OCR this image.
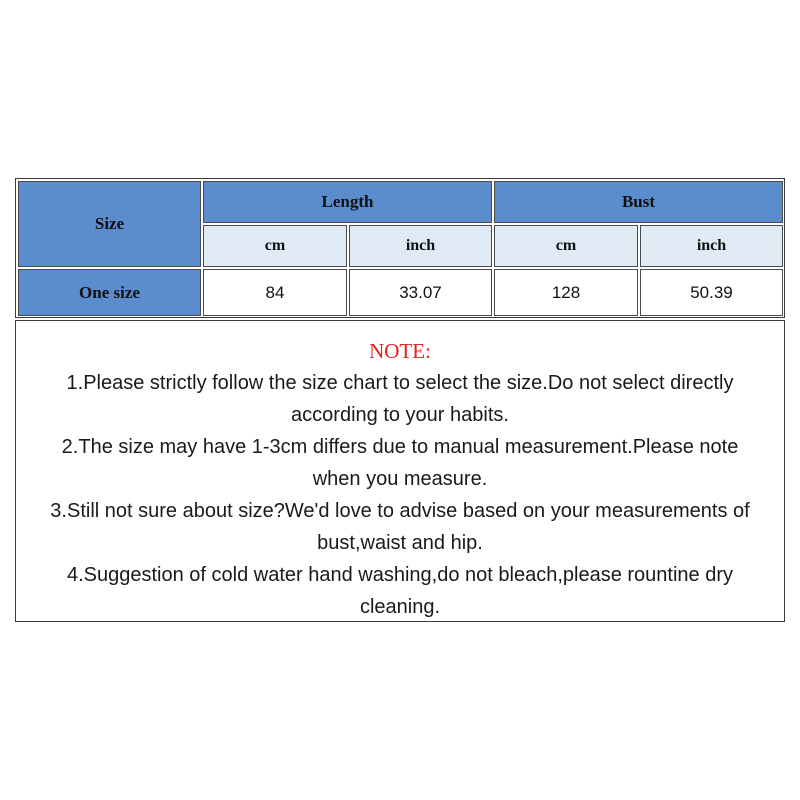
Size
Length	Bust
cm	inch	cm	inch
One size	84	33.07	128	50.39
NOTE:
1.Please strictly follow the size chart to select the size.Do not select directly according to your habits.
2.The size may have 1-3cm differs due to manual measurement.Please note when you measure.
3.Still not sure about size?We'd love to advise based on your measurements of bust,waist and hip.
4.Suggestion of cold water hand washing,do not bleach,please rountine dry cleaning.
